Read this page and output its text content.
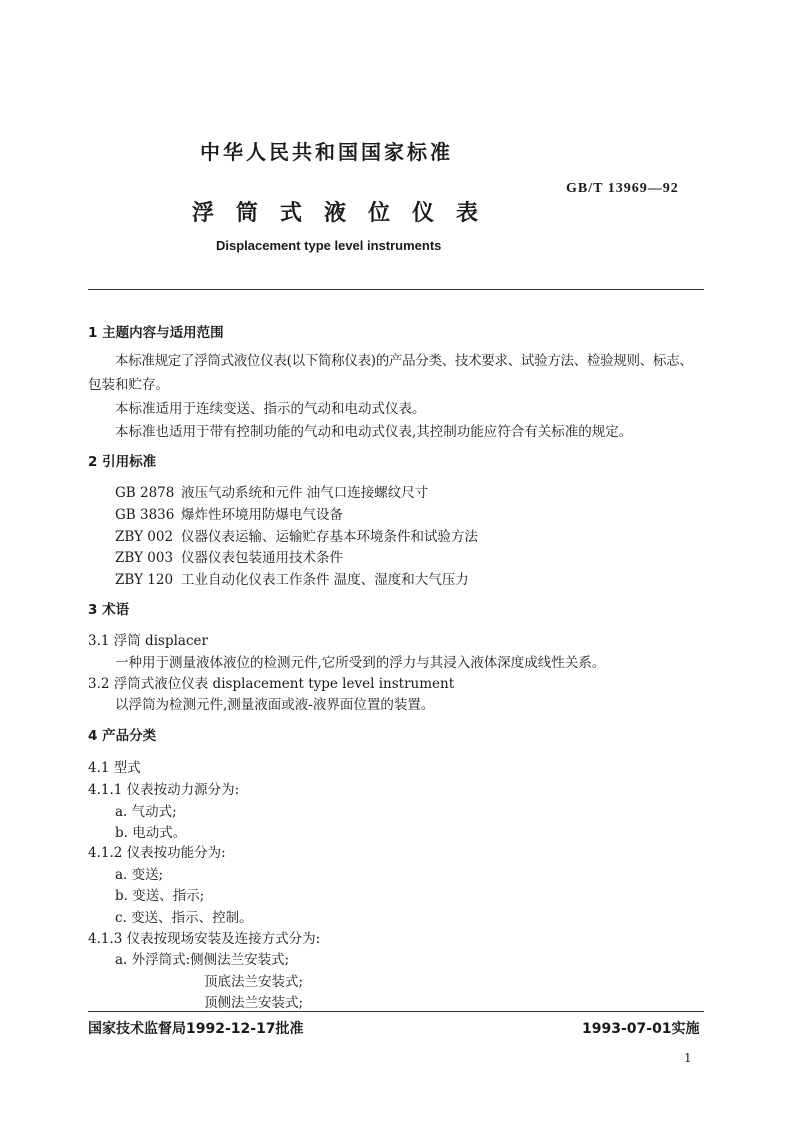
中华人民共和国国家标准
GB/T 13969—92
浮筒式液位仪表
Displacement type level instruments
1 主题内容与适用范围
本标准规定了浮筒式液位仪表(以下简称仪表)的产品分类、技术要求、试验方法、检验规则、标志、
包装和贮存。
本标准适用于连续变送、指示的气动和电动式仪表。
本标准也适用于带有控制功能的气动和电动式仪表,其控制功能应符合有关标准的规定。
2 引用标准
GB 2878 液压气动系统和元件 油气口连接螺纹尺寸
GB 3836 爆炸性环境用防爆电气设备
ZBY 002 仪器仪表运输、运输贮存基本环境条件和试验方法
ZBY 003 仪器仪表包装通用技术条件
ZBY 120 工业自动化仪表工作条件 温度、湿度和大气压力
3 术语
3.1 浮筒 displacer
一种用于测量液体液位的检测元件,它所受到的浮力与其浸入液体深度成线性关系。
3.2 浮筒式液位仪表 displacement type level instrument
以浮筒为检测元件,测量液面或液-液界面位置的装置。
4 产品分类
4.1 型式
4.1.1 仪表按动力源分为:
a. 气动式;
b. 电动式。
4.1.2 仪表按功能分为:
a. 变送;
b. 变送、指示;
c. 变送、指示、控制。
4.1.3 仪表按现场安装及连接方式分为:
a. 外浮筒式:侧侧法兰安装式;
顶底法兰安装式;
顶侧法兰安装式;
国家技术监督局1992-12-17批准	1993-07-01实施
1
